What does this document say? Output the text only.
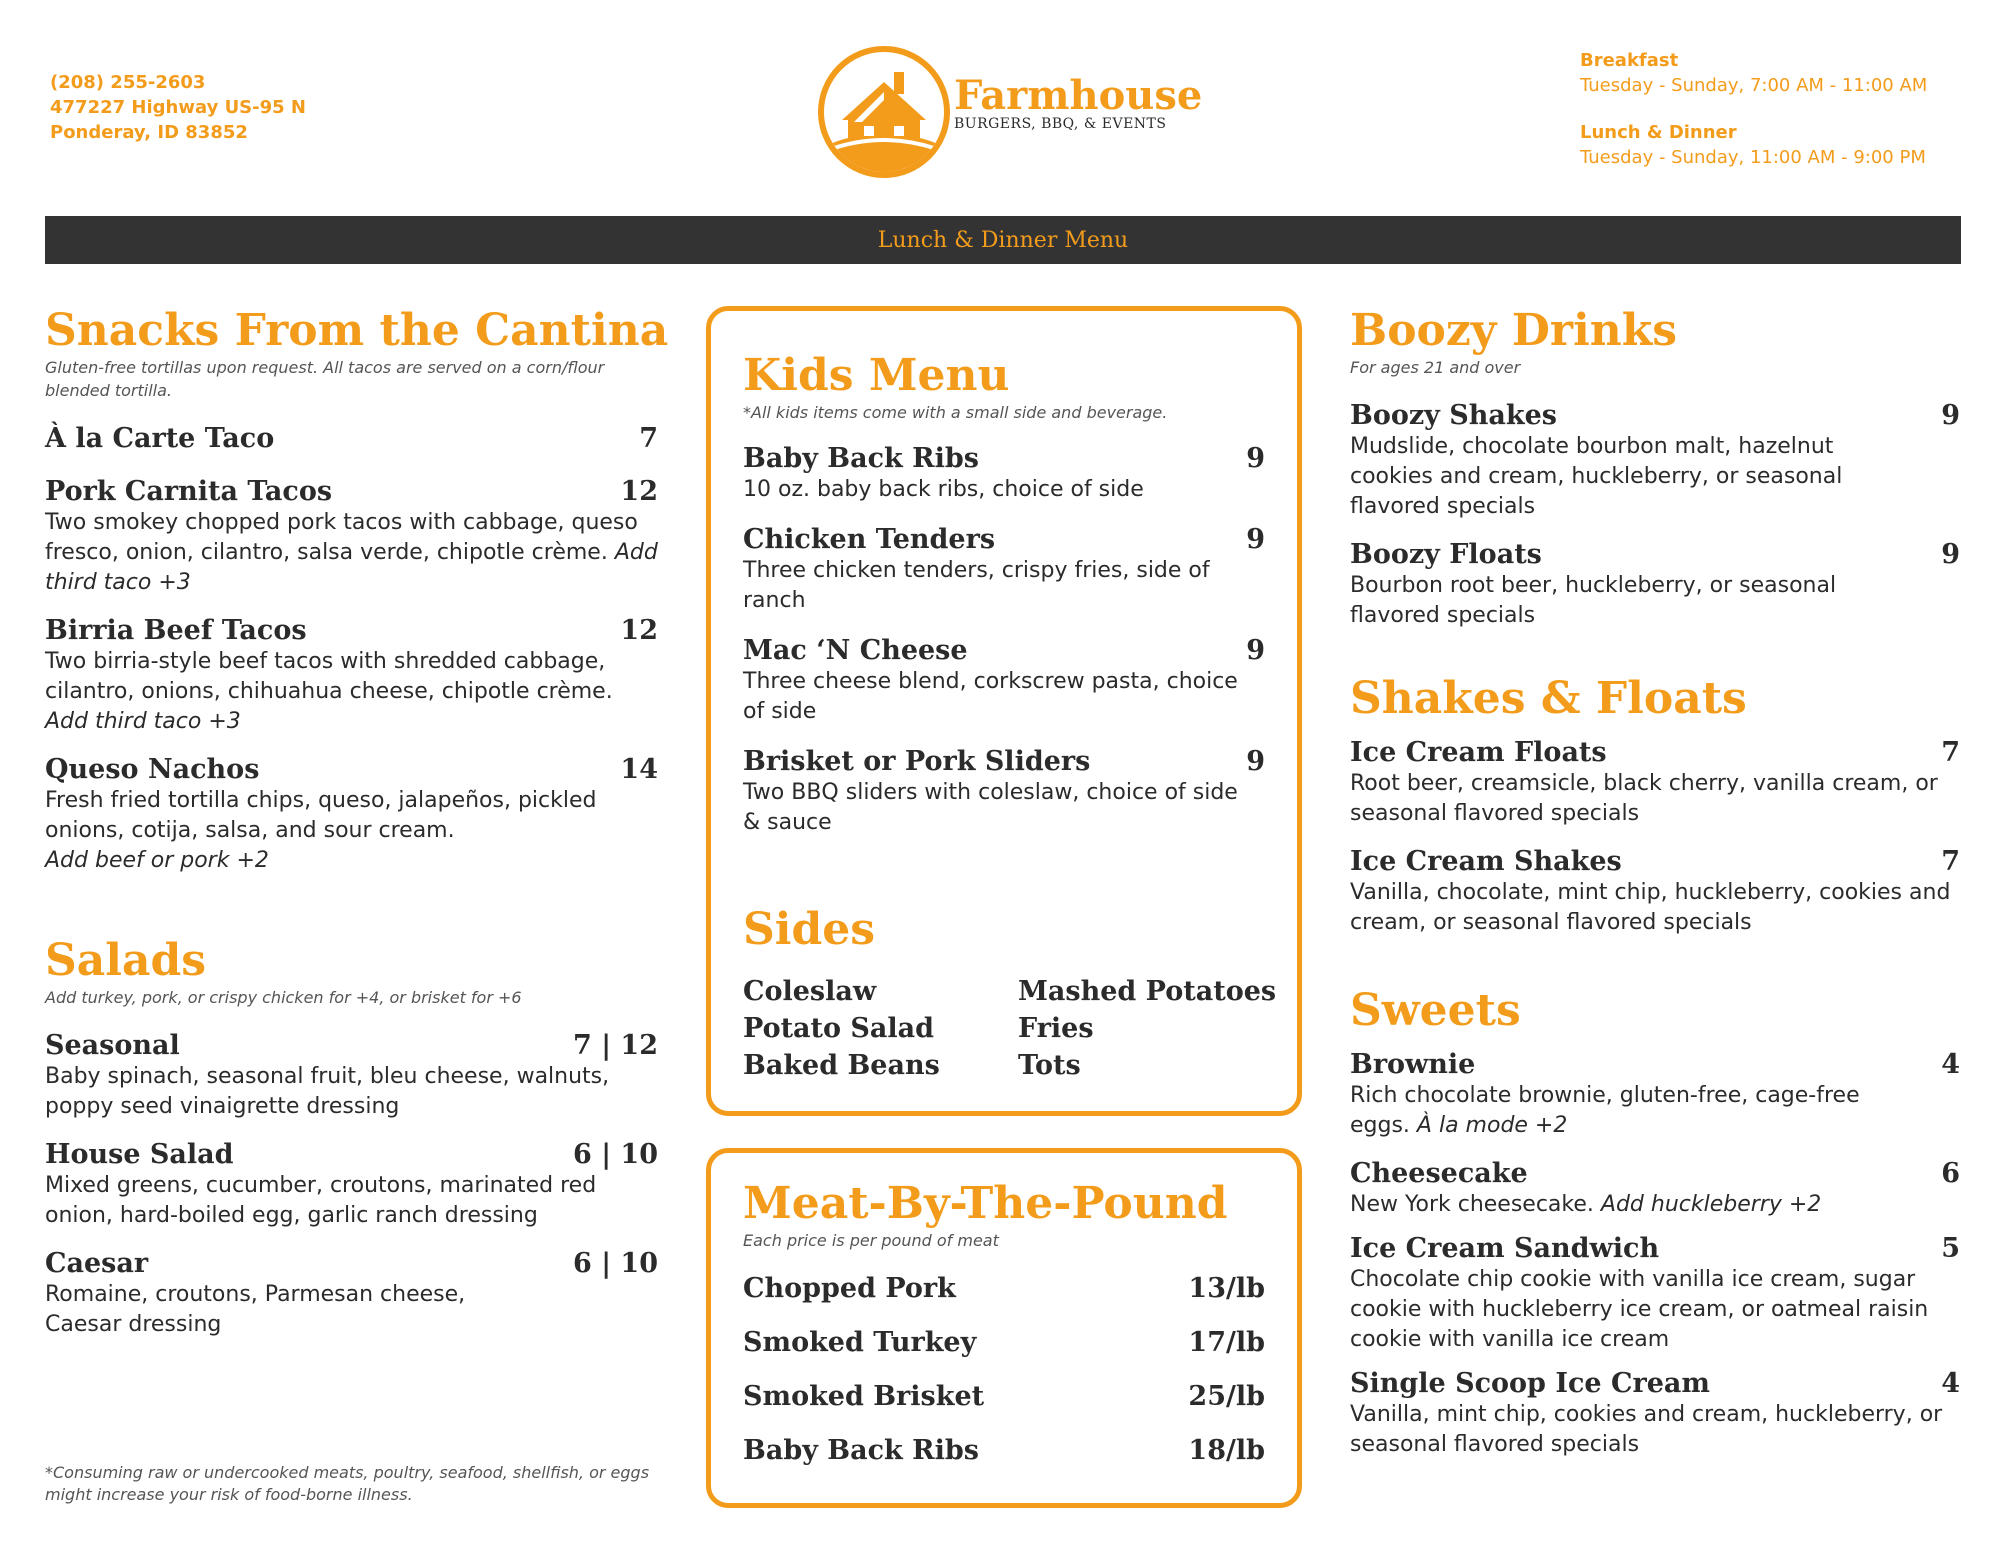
(208) 255-2603
477227 Highway US-95 N
Ponderay, ID 83852
Farmhouse
BURGERS, BBQ, & EVENTS
Breakfast
Tuesday - Sunday, 7:00 AM - 11:00 AM
Lunch & Dinner
Tuesday - Sunday, 11:00 AM - 9:00 PM
Lunch & Dinner Menu
Snacks From the Cantina
Gluten-free tortillas upon request. All tacos are served on a corn/flour blended tortilla.
À la Carte Taco	7
Pork Carnita Tacos	12
Two smokey chopped pork tacos with cabbage, queso fresco, onion, cilantro, salsa verde, chipotle crème. Add third taco +3
Birria Beef Tacos	12
Two birria-style beef tacos with shredded cabbage, cilantro, onions, chihuahua cheese, chipotle crème.
Add third taco +3
Queso Nachos	14
Fresh fried tortilla chips, queso, jalapeños, pickled onions, cotija, salsa, and sour cream.
Add beef or pork +2
Salads
Add turkey, pork, or crispy chicken for +4, or brisket for +6
Seasonal	7 | 12
Baby spinach, seasonal fruit, bleu cheese, walnuts, poppy seed vinaigrette dressing
House Salad	6 | 10
Mixed greens, cucumber, croutons, marinated red onion, hard-boiled egg, garlic ranch dressing
Caesar	6 | 10
Romaine, croutons, Parmesan cheese, Caesar dressing
*Consuming raw or undercooked meats, poultry, seafood, shellfish, or eggs might increase your risk of food-borne illness.
Kids Menu
*All kids items come with a small side and beverage.
Baby Back Ribs	9
10 oz. baby back ribs, choice of side
Chicken Tenders	9
Three chicken tenders, crispy fries, side of ranch
Mac ‘N Cheese	9
Three cheese blend, corkscrew pasta, choice of side
Brisket or Pork Sliders	9
Two BBQ sliders with coleslaw, choice of side & sauce
Sides
Coleslaw	Mashed Potatoes
Potato Salad	Fries
Baked Beans	Tots
Meat-By-The-Pound
Each price is per pound of meat
Chopped Pork	13/lb
Smoked Turkey	17/lb
Smoked Brisket	25/lb
Baby Back Ribs	18/lb
Boozy Drinks
For ages 21 and over
Boozy Shakes	9
Mudslide, chocolate bourbon malt, hazelnut cookies and cream, huckleberry, or seasonal flavored specials
Boozy Floats	9
Bourbon root beer, huckleberry, or seasonal flavored specials
Shakes & Floats
Ice Cream Floats	7
Root beer, creamsicle, black cherry, vanilla cream, or seasonal flavored specials
Ice Cream Shakes	7
Vanilla, chocolate, mint chip, huckleberry, cookies and cream, or seasonal flavored specials
Sweets
Brownie	4
Rich chocolate brownie, gluten-free, cage-free eggs. À la mode +2
Cheesecake	6
New York cheesecake. Add huckleberry +2
Ice Cream Sandwich	5
Chocolate chip cookie with vanilla ice cream, sugar cookie with huckleberry ice cream, or oatmeal raisin cookie with vanilla ice cream
Single Scoop Ice Cream	4
Vanilla, mint chip, cookies and cream, huckleberry, or seasonal flavored specials
